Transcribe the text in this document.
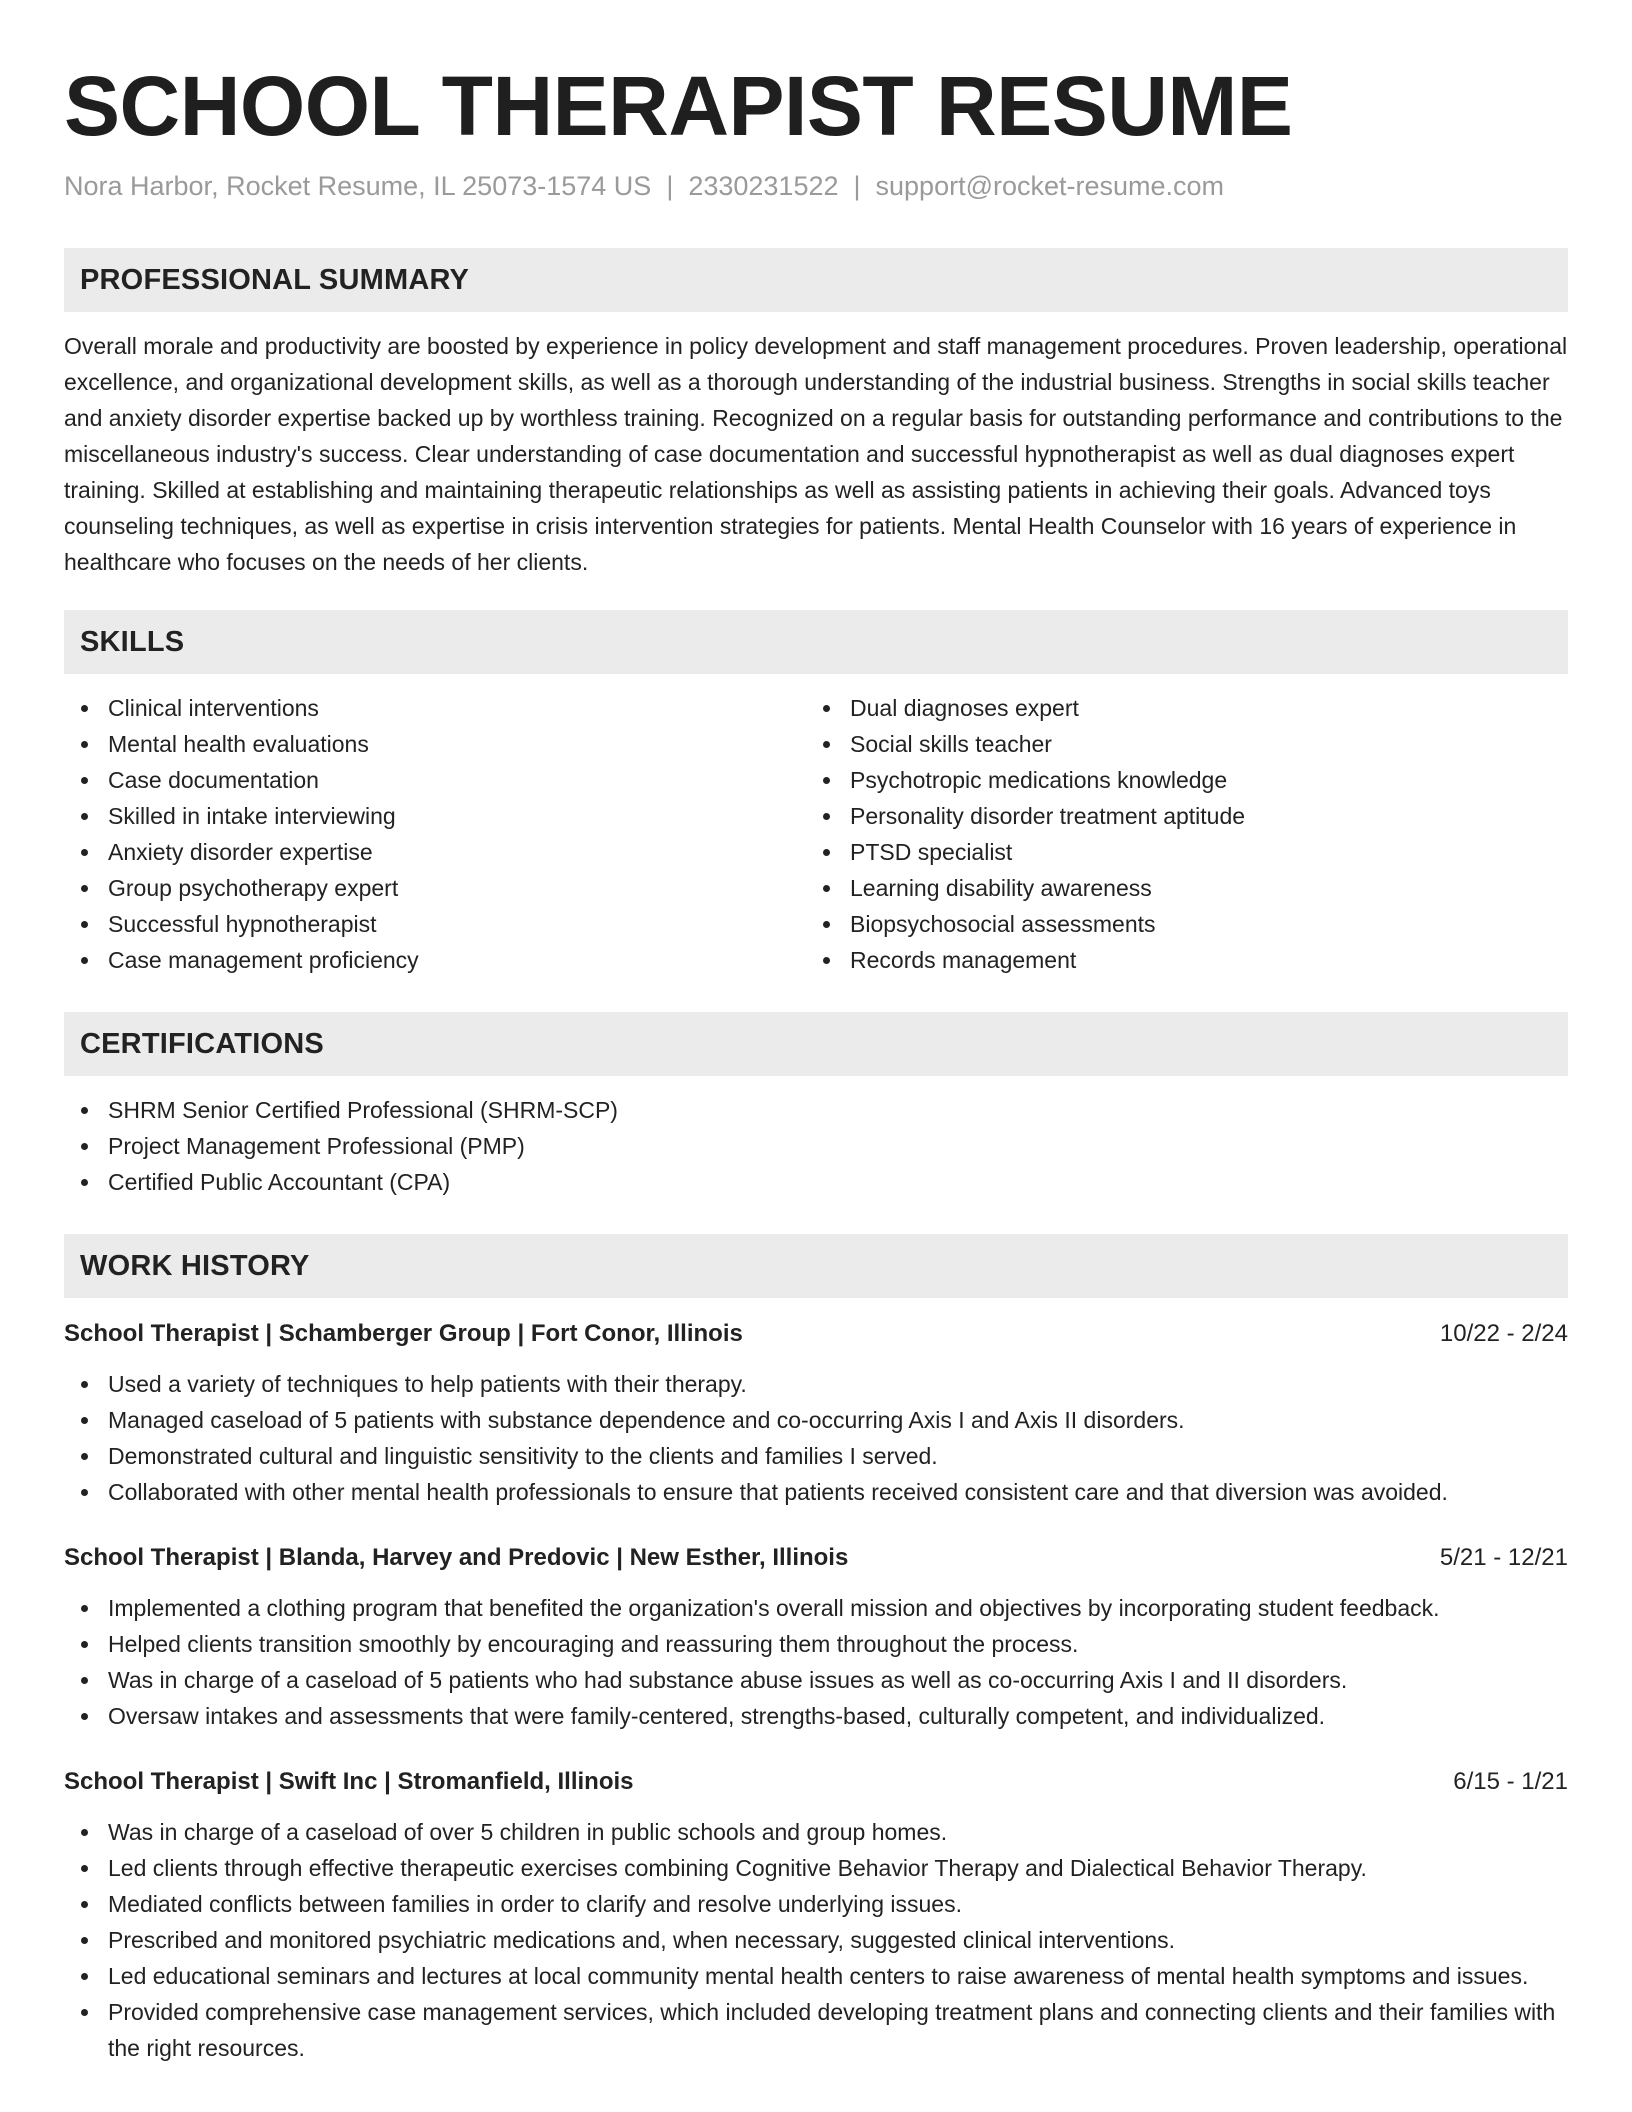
SCHOOL THERAPIST RESUME
Nora Harbor, Rocket Resume, IL 25073-1574 US | 2330231522 | support@rocket-resume.com
PROFESSIONAL SUMMARY

Overall morale and productivity are boosted by experience in policy development and staff management procedures. Proven leadership, operational excellence, and organizational development skills, as well as a thorough understanding of the industrial business. Strengths in social skills teacher and anxiety disorder expertise backed up by worthless training. Recognized on a regular basis for outstanding performance and contributions to the miscellaneous industry's success. Clear understanding of case documentation and successful hypnotherapist as well as dual diagnoses expert training. Skilled at establishing and maintaining therapeutic relationships as well as assisting patients in achieving their goals. Advanced toys counseling techniques, as well as expertise in crisis intervention strategies for patients. Mental Health Counselor with 16 years of experience in healthcare who focuses on the needs of her clients.

SKILLS
Clinical interventions
Mental health evaluations
Case documentation
Skilled in intake interviewing
Anxiety disorder expertise
Group psychotherapy expert
Successful hypnotherapist
Case management proficiency
Dual diagnoses expert
Social skills teacher
Psychotropic medications knowledge
Personality disorder treatment aptitude
PTSD specialist
Learning disability awareness
Biopsychosocial assessments
Records management
CERTIFICATIONS
SHRM Senior Certified Professional (SHRM-SCP)
Project Management Professional (PMP)
Certified Public Accountant (CPA)
WORK HISTORY
School Therapist | Schamberger Group | Fort Conor, Illinois	10/22 - 2/24
Used a variety of techniques to help patients with their therapy.
Managed caseload of 5 patients with substance dependence and co-occurring Axis I and Axis II disorders.
Demonstrated cultural and linguistic sensitivity to the clients and families I served.
Collaborated with other mental health professionals to ensure that patients received consistent care and that diversion was avoided.
School Therapist | Blanda, Harvey and Predovic | New Esther, Illinois	5/21 - 12/21
Implemented a clothing program that benefited the organization's overall mission and objectives by incorporating student feedback.
Helped clients transition smoothly by encouraging and reassuring them throughout the process.
Was in charge of a caseload of 5 patients who had substance abuse issues as well as co-occurring Axis I and II disorders.
Oversaw intakes and assessments that were family-centered, strengths-based, culturally competent, and individualized.
School Therapist | Swift Inc | Stromanfield, Illinois	6/15 - 1/21
Was in charge of a caseload of over 5 children in public schools and group homes.
Led clients through effective therapeutic exercises combining Cognitive Behavior Therapy and Dialectical Behavior Therapy.
Mediated conflicts between families in order to clarify and resolve underlying issues.
Prescribed and monitored psychiatric medications and, when necessary, suggested clinical interventions.
Led educational seminars and lectures at local community mental health centers to raise awareness of mental health symptoms and issues.
Provided comprehensive case management services, which included developing treatment plans and connecting clients and their families with the right resources.
